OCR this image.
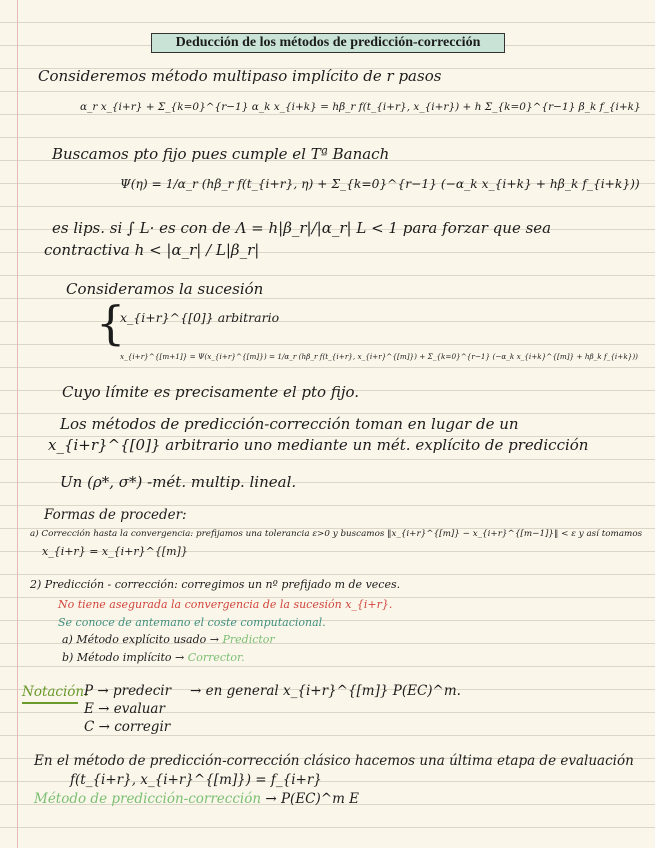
Deducción de los métodos de predicción-corrección
Consideremos método multipaso implícito de r pasos
α_r x_{i+r} + Σ_{k=0}^{r−1} α_k x_{i+k} = hβ_r f(t_{i+r}, x_{i+r}) + h Σ_{k=0}^{r−1} β_k f_{i+k}
Buscamos pto fijo pues cumple el Tª Banach
Ψ(η) = 1/α_r (hβ_r f(t_{i+r}, η) + Σ_{k=0}^{r−1} (−α_k x_{i+k} + hβ_k f_{i+k}))
es lips. si ∫ L· es con de Λ = h|β_r|/|α_r| L < 1 para forzar que sea
contractiva h < |α_r| / L|β_r|
Consideramos la sucesión
{
x_{i+r}^{[0]} arbitrario
x_{i+r}^{[m+1]} = Ψ(x_{i+r}^{[m]}) = 1/α_r (hβ_r f(t_{i+r}, x_{i+r}^{[m]}) + Σ_{k=0}^{r−1} (−α_k x_{i+k}^{[m]} + hβ_k f_{i+k}))
Cuyo límite es precisamente el pto fijo.
Los métodos de predicción-corrección toman en lugar de un
x_{i+r}^{[0]} arbitrario uno mediante un mét. explícito de predicción
Un (ρ*, σ*) -mét. multip. lineal.
Formas de proceder:
a) Corrección hasta la convergencia: prefijamos una tolerancia ε>0 y buscamos ‖x_{i+r}^{[m]} − x_{i+r}^{[m−1]}‖ < ε y así tomamos
x_{i+r} = x_{i+r}^{[m]}
2) Predicción - corrección: corregimos un nº prefijado m de veces.
No tiene asegurada la convergencia de la sucesión x_{i+r}.
Se conoce de antemano el coste computacional.
a) Método explícito usado → Predictor
b) Método implícito → Corrector.
Notación:
P → predecir → en general x_{i+r}^{[m]} P(EC)^m.
E → evaluar
C → corregir
En el método de predicción-corrección clásico hacemos una última etapa de evaluación
f(t_{i+r}, x_{i+r}^{[m]}) = f_{i+r}
Método de predicción-corrección → P(EC)^m E
